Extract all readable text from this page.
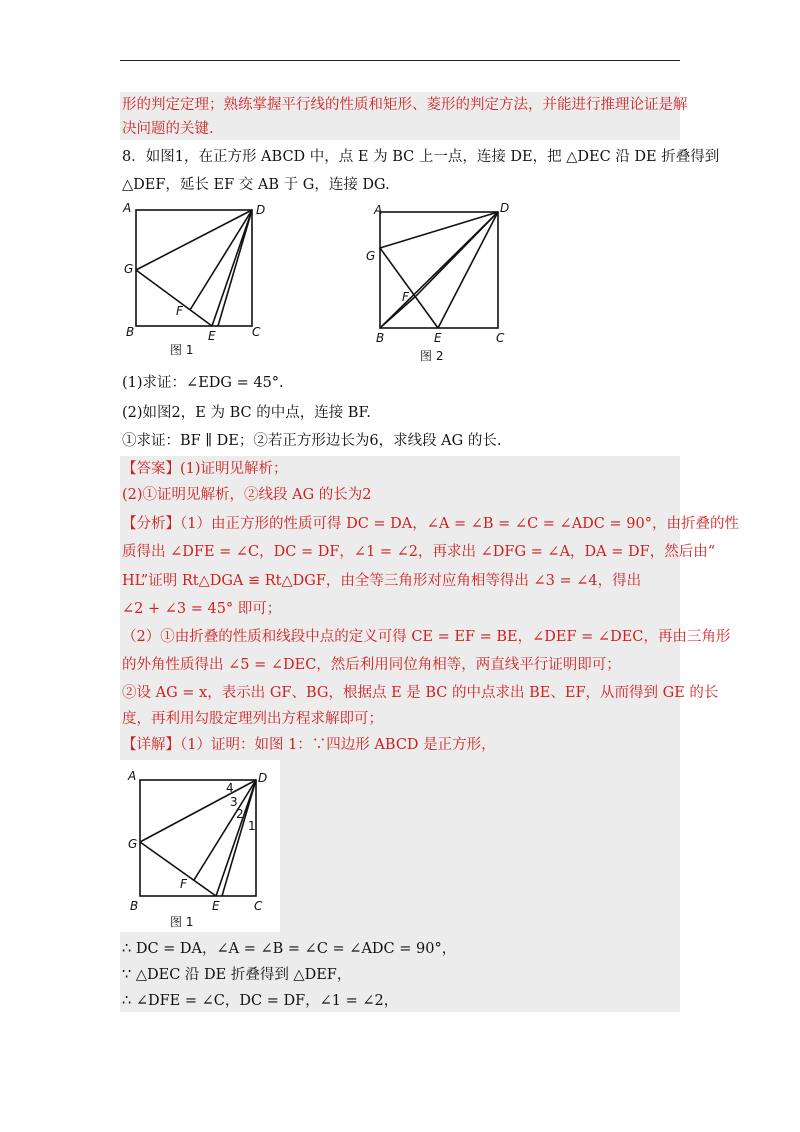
形的判定定理；熟练掌握平行线的性质和矩形、菱形的判定方法，并能进行推理论证是解
决问题的关键.
8．如图1，在正方形 ABCD 中，点 E 为 BC 上一点，连接 DE，把 △DEC 沿 DE 折叠得到
△DEF，延长 EF 交 AB 于 G，连接 DG.
A	D
G
F
B	E	C
图 1
A	D
G
F
B	E	C
图 2
(1)求证：∠EDG = 45°.
(2)如图2，E 为 BC 的中点，连接 BF.
①求证：BF ∥ DE；②若正方形边长为6，求线段 AG 的长.
【答案】(1)证明见解析；
(2)①证明见解析，②线段 AG 的长为2
【分析】（1）由正方形的性质可得 DC = DA，∠A = ∠B = ∠C = ∠ADC = 90°，由折叠的性
质得出 ∠DFE = ∠C，DC = DF，∠1 = ∠2，再求出 ∠DFG = ∠A，DA = DF，然后由“
HL”证明 Rt△DGA ≌ Rt△DGF，由全等三角形对应角相等得出 ∠3 = ∠4，得出
∠2 + ∠3 = 45° 即可；
（2）①由折叠的性质和线段中点的定义可得 CE = EF = BE，∠DEF = ∠DEC，再由三角形
的外角性质得出 ∠5 = ∠DEC，然后利用同位角相等，两直线平行证明即可；
②设 AG = x，表示出 GF、BG，根据点 E 是 BC 的中点求出 BE、EF，从而得到 GE 的长
度，再利用勾股定理列出方程求解即可；
【详解】（1）证明：如图 1：∵四边形 ABCD 是正方形，
A	D
G
F
B	E	C
1
2
3
4
图 1
∴ DC = DA，∠A = ∠B = ∠C = ∠ADC = 90°，
∵ △DEC 沿 DE 折叠得到 △DEF，
∴ ∠DFE = ∠C，DC = DF，∠1 = ∠2，
